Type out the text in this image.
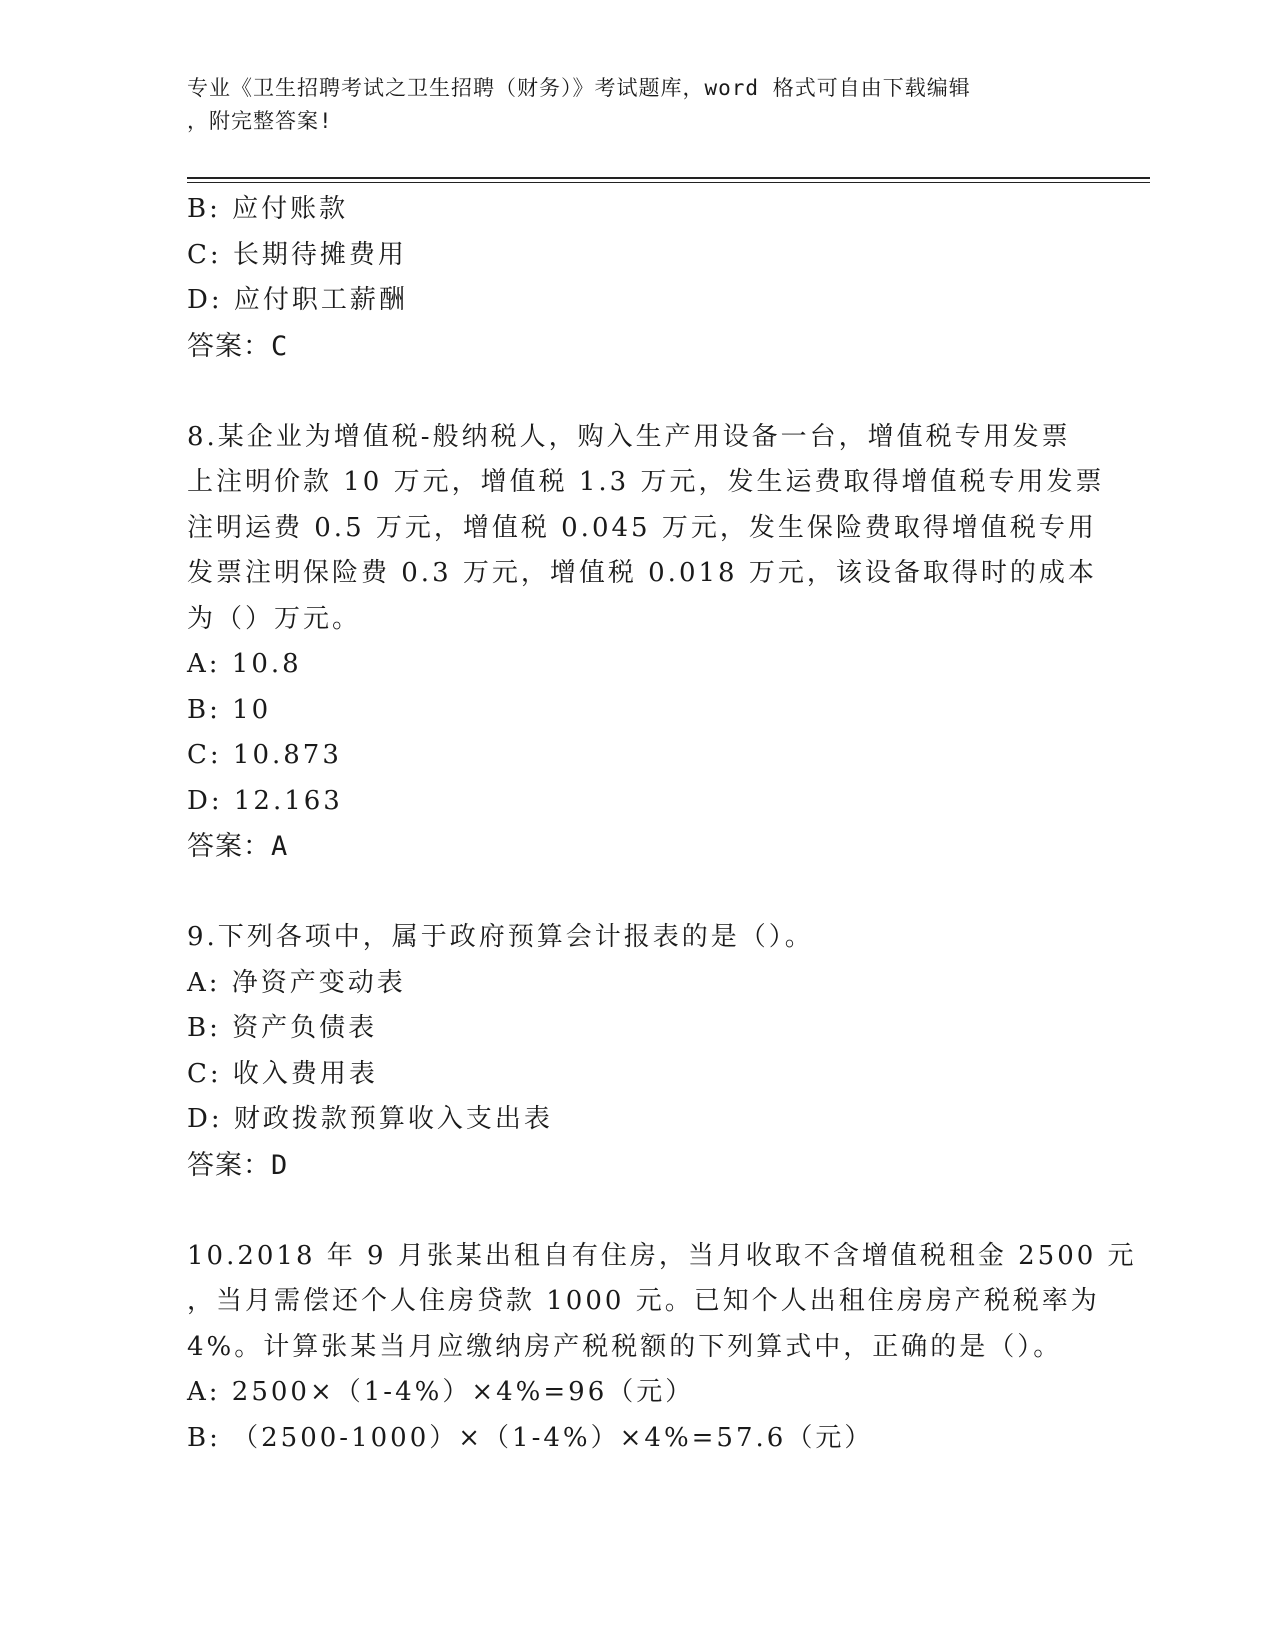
专业《卫生招聘考试之卫生招聘（财务）》考试题库，word 格式可自由下载编辑
，附完整答案!
B: 应付账款
C: 长期待摊费用
D: 应付职工薪酬
答案：C
8.某企业为增值税-般纳税人，购入生产用设备一台，增值税专用发票
上注明价款 10 万元，增值税 1.3 万元，发生运费取得增值税专用发票
注明运费 0.5 万元，增值税 0.045 万元，发生保险费取得增值税专用
发票注明保险费 0.3 万元，增值税 0.018 万元，该设备取得时的成本
为（）万元。
A: 10.8
B: 10
C: 10.873
D: 12.163
答案：A
9.下列各项中，属于政府预算会计报表的是（）。
A: 净资产变动表
B: 资产负债表
C: 收入费用表
D: 财政拨款预算收入支出表
答案：D
10.2018 年 9 月张某出租自有住房，当月收取不含增值税租金 2500 元
，当月需偿还个人住房贷款 1000 元。已知个人出租住房房产税税率为
4%。计算张某当月应缴纳房产税税额的下列算式中，正确的是（）。
A: 2500×（1-4%）×4%=96（元）
B: （2500-1000）×（1-4%）×4%=57.6（元）
